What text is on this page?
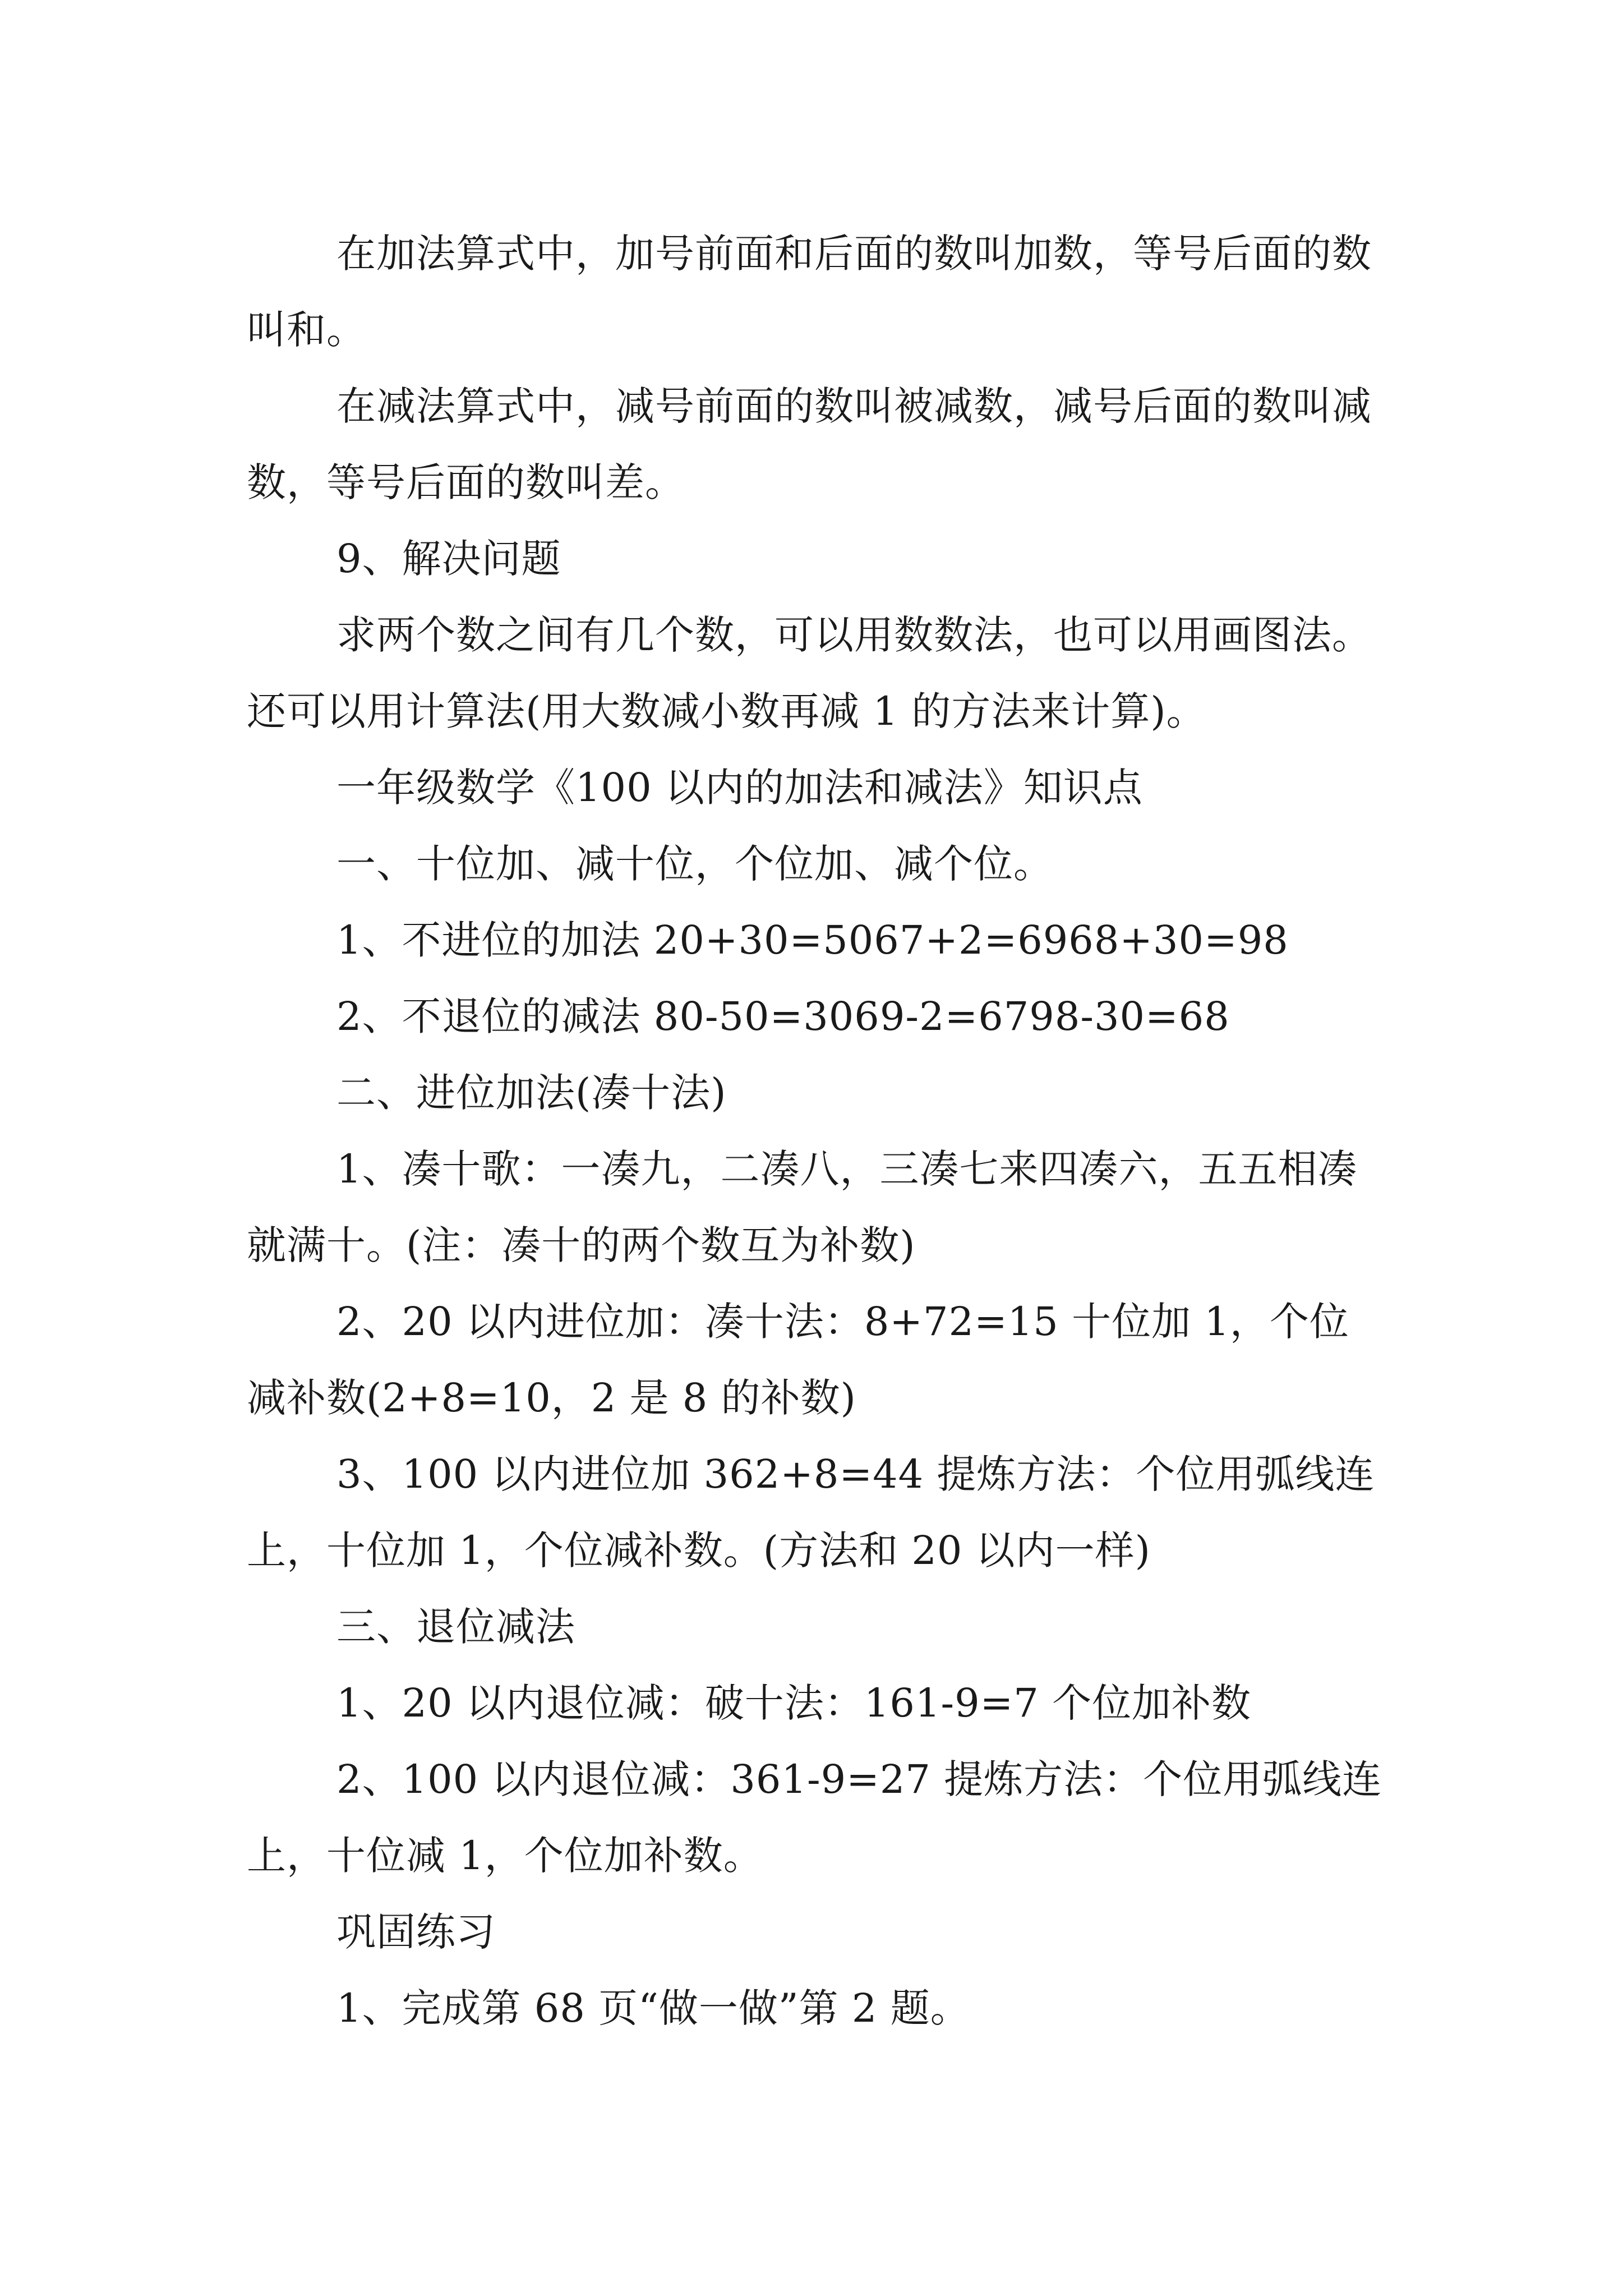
在加法算式中，加号前面和后面的数叫加数，等号后面的数叫和。

在减法算式中，减号前面的数叫被减数，减号后面的数叫减数，等号后面的数叫差。

9、解决问题

求两个数之间有几个数，可以用数数法，也可以用画图法。还可以用计算法(用大数减小数再减 1 的方法来计算)。

一年级数学《100 以内的加法和减法》知识点

一、十位加、减十位，个位加、减个位。

1、不进位的加法 20+30=5067+2=6968+30=98

2、不退位的减法 80-50=3069-2=6798-30=68

二、进位加法(凑十法)

1、凑十歌：一凑九，二凑八，三凑七来四凑六，五五相凑就满十。(注：凑十的两个数互为补数)

2、20 以内进位加：凑十法：8+72=15 十位加 1，个位减补数(2+8=10，2 是 8 的补数)

3、100 以内进位加 362+8=44 提炼方法：个位用弧线连上，十位加 1，个位减补数。(方法和 20 以内一样)

三、退位减法

1、20 以内退位减：破十法：161-9=7 个位加补数

2、100 以内退位减：361-9=27 提炼方法：个位用弧线连上，十位减 1，个位加补数。

巩固练习

1、完成第 68 页“做一做”第 2 题。
